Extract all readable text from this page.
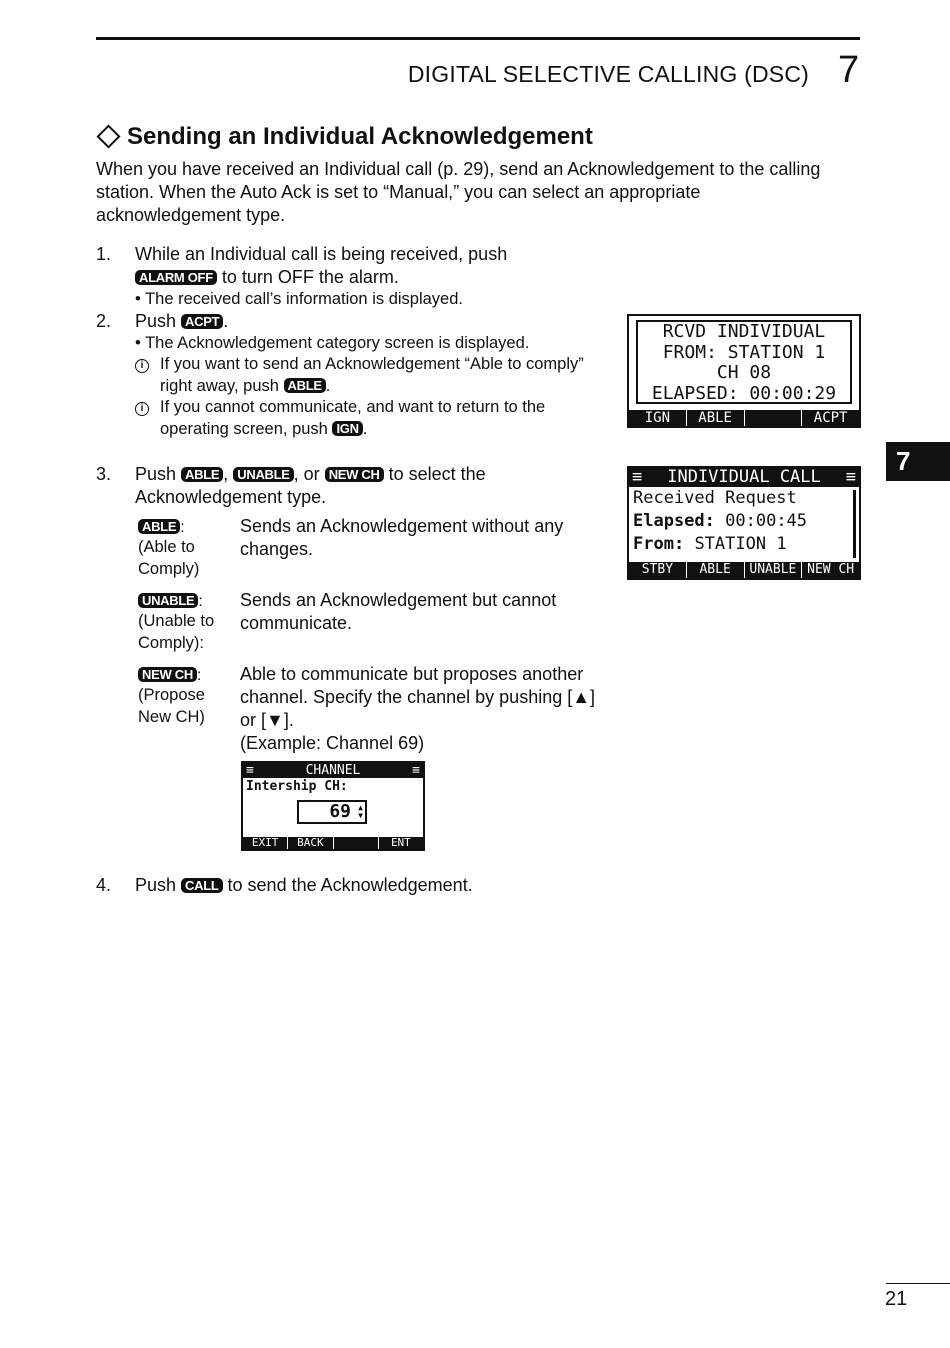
DIGITAL SELECTIVE CALLING (DSC) 7
Sending an Individual Acknowledgement
When you have received an Individual call (p. 29), send an Acknowledgement to the calling station. When the Auto Ack is set to “Manual,” you can select an appropriate acknowledgement type.
1. While an Individual call is being received, push
ALARM OFF to turn OFF the alarm.
• The received call’s information is displayed.
2. Push ACPT .
• The Acknowledgement category screen is displayed.
i If you want to send an Acknowledgement “Able to comply” right away, push ABLE .
i If you cannot communicate, and want to return to the operating screen, push IGN .
3. Push ABLE , UNABLE , or NEW CH to select the Acknowledgement type.
ABLE :
(Able to Comply)
Sends an Acknowledgement without any changes.
UNABLE :
(Unable to Comply):
Sends an Acknowledgement but cannot communicate.
NEW CH :
(Propose New CH)
Able to communicate but proposes another channel. Specify the channel by pushing [▲] or [▼].
(Example: Channel 69)
≡	CHANNEL	≡
Intership CH:
69 ▲
▼
EXIT	BACK	ENT
4. Push CALL to send the Acknowledgement.
RCVD INDIVIDUAL
FROM: STATION 1
CH 08
ELAPSED: 00:00:29
IGN	ABLE	ACPT
≡ INDIVIDUAL CALL ≡
Received Request
Elapsed: 00:00:45
From: STATION 1
STBY	ABLE	UNABLE NEW CH
7
21
